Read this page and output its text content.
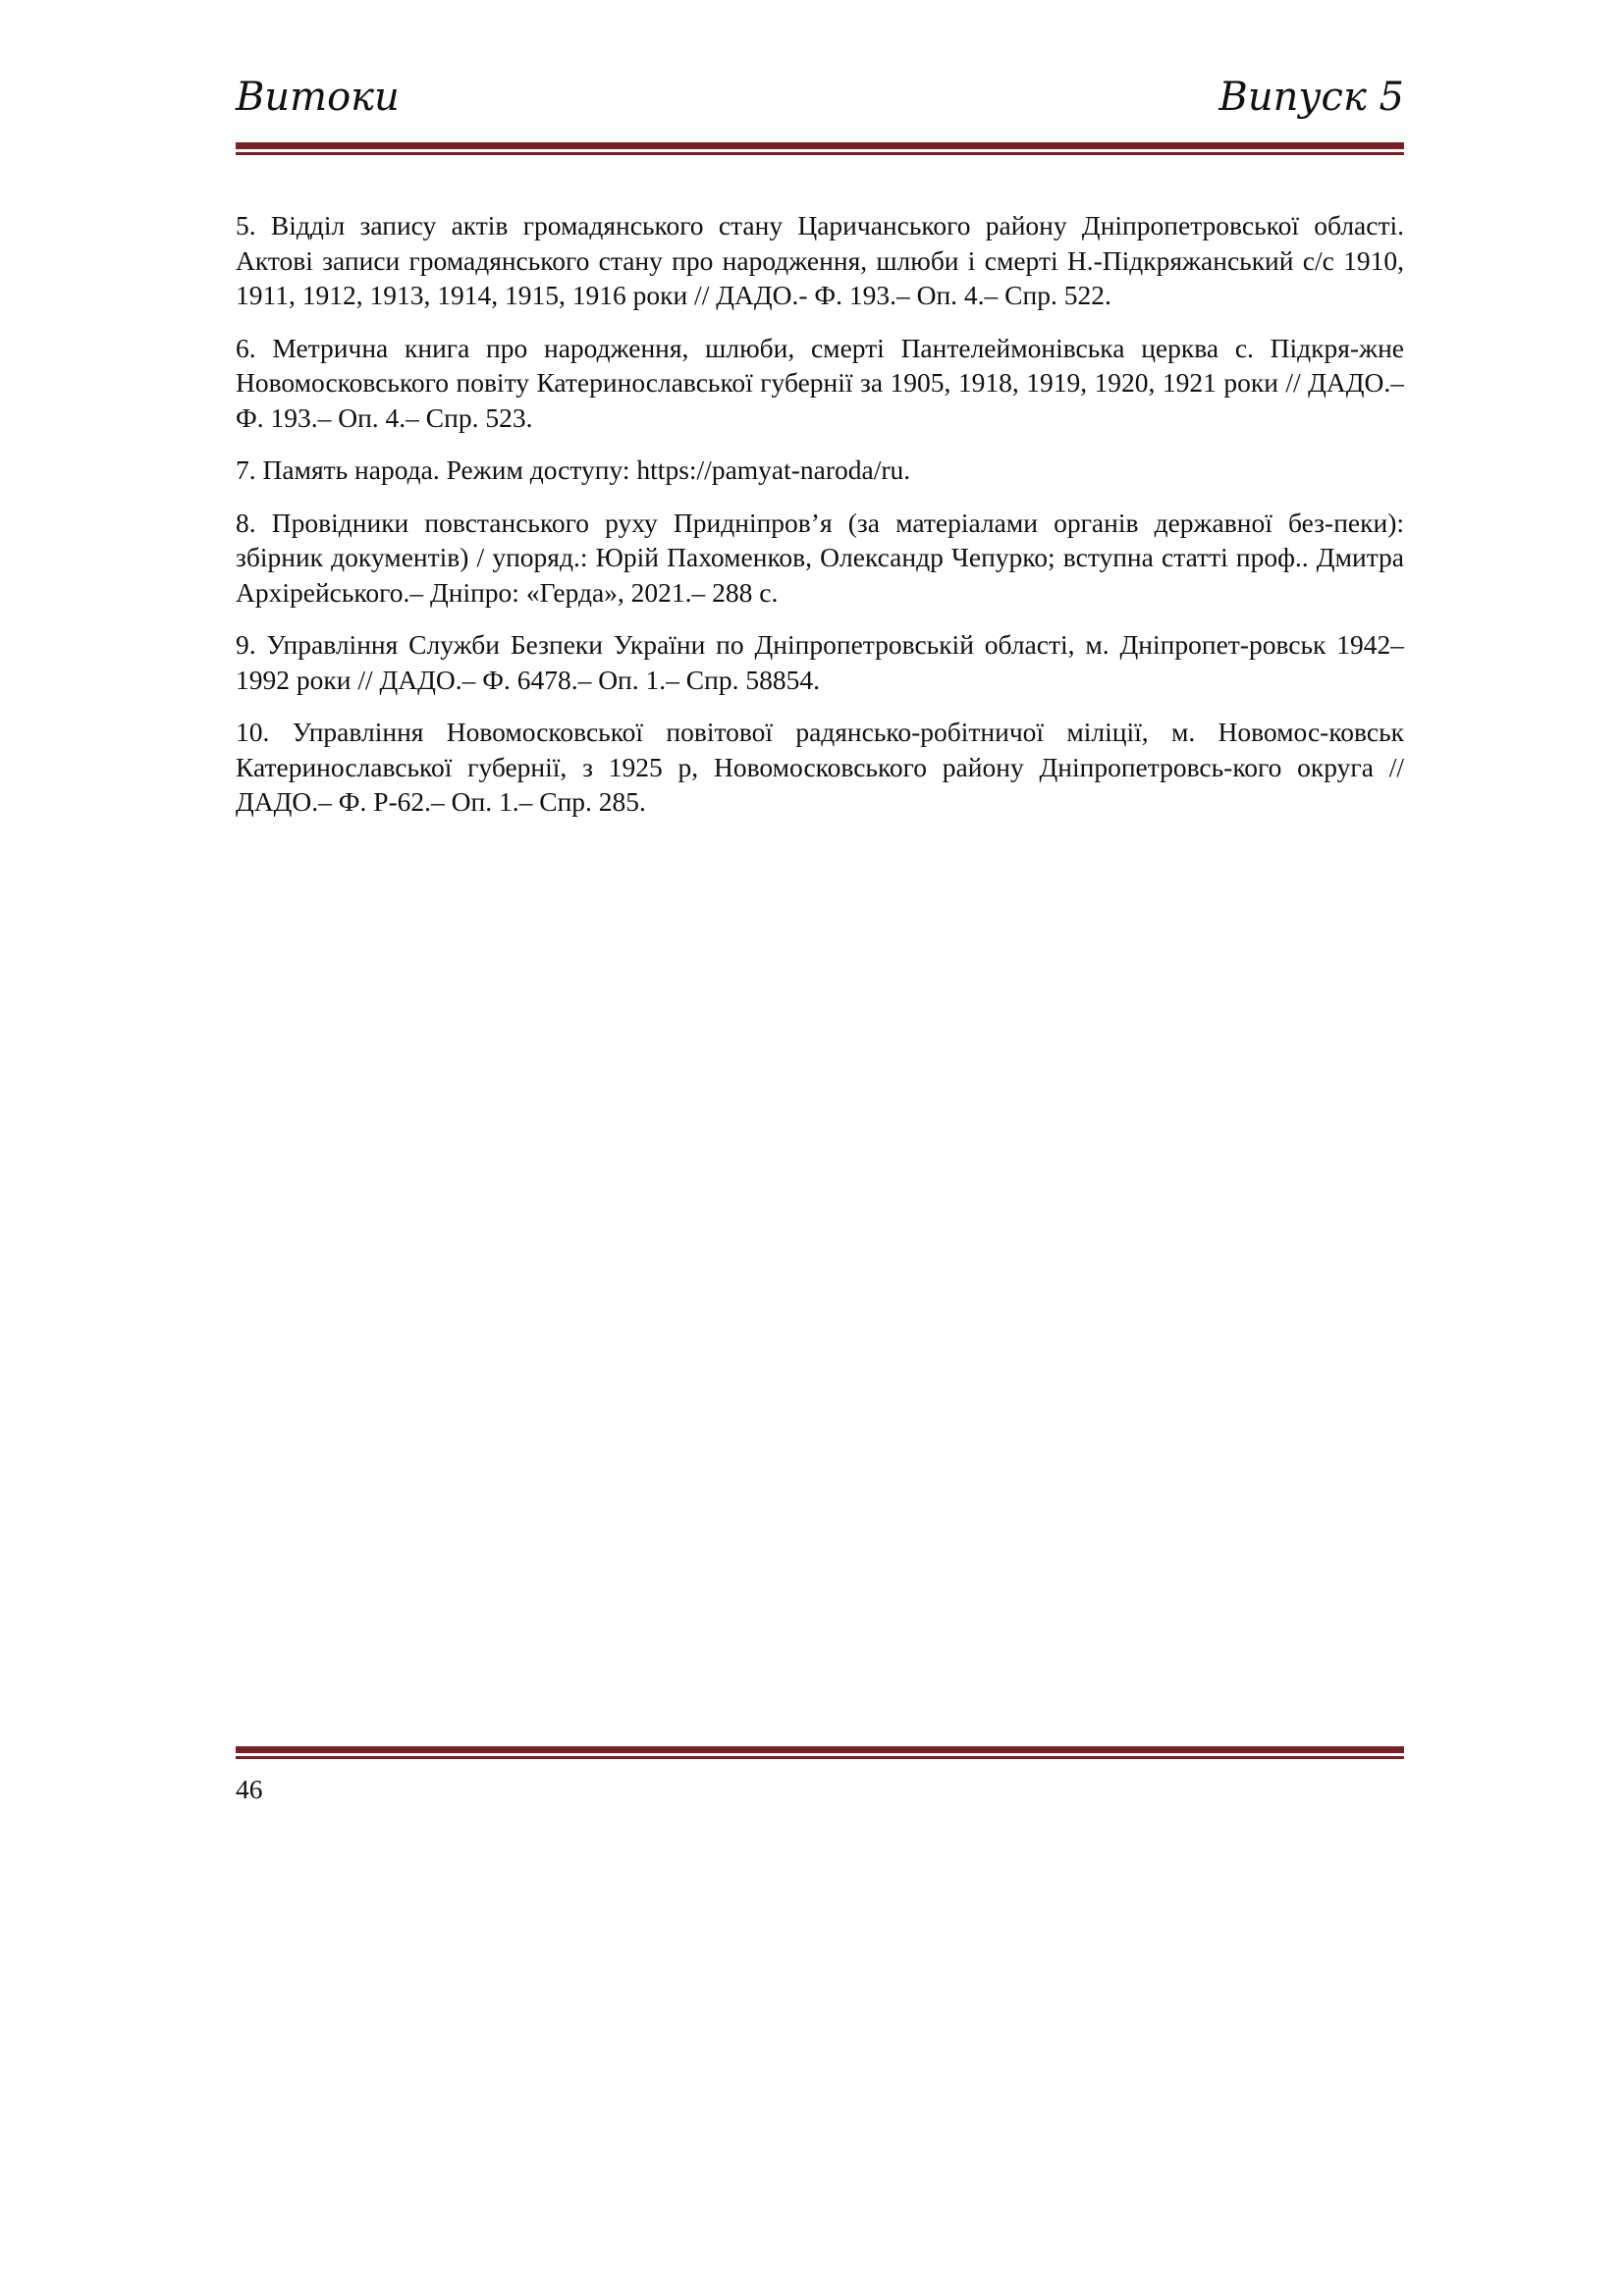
Витоки	Випуск 5

5. Відділ запису актів громадянського стану Царичанського району Дніпропетровської області. Актові записи громадянського стану про народження, шлюби і смерті Н.-Підкряжанський с/с 1910, 1911, 1912, 1913, 1914, 1915, 1916 роки // ДАДО.- Ф. 193.– Оп. 4.– Спр. 522.

6. Метрична книга про народження, шлюби, смерті Пантелеймонівська церква с. Підкря-жне Новомосковського повіту Катеринославської губернії за 1905, 1918, 1919, 1920, 1921 роки // ДАДО.– Ф. 193.– Оп. 4.– Спр. 523.

7. Память народа. Режим доступу: https://pamyat-naroda/ru.

8. Провідники повстанського руху Придніпров’я (за матеріалами органів державної без-пеки): збірник документів) / упоряд.: Юрій Пахоменков, Олександр Чепурко; вступна статті проф.. Дмитра Архірейського.– Дніпро: «Герда», 2021.– 288 с.

9. Управління Служби Безпеки України по Дніпропетровській області, м. Дніпропет-ровськ 1942–1992 роки // ДАДО.– Ф. 6478.– Оп. 1.– Спр. 58854.

10. Управління Новомосковської повітової радянсько-робітничої міліції, м. Новомос-ковськ Катеринославської губернії, з 1925 р, Новомосковського району Дніпропетровсь-кого округа // ДАДО.– Ф. Р-62.– Оп. 1.– Спр. 285.

46
